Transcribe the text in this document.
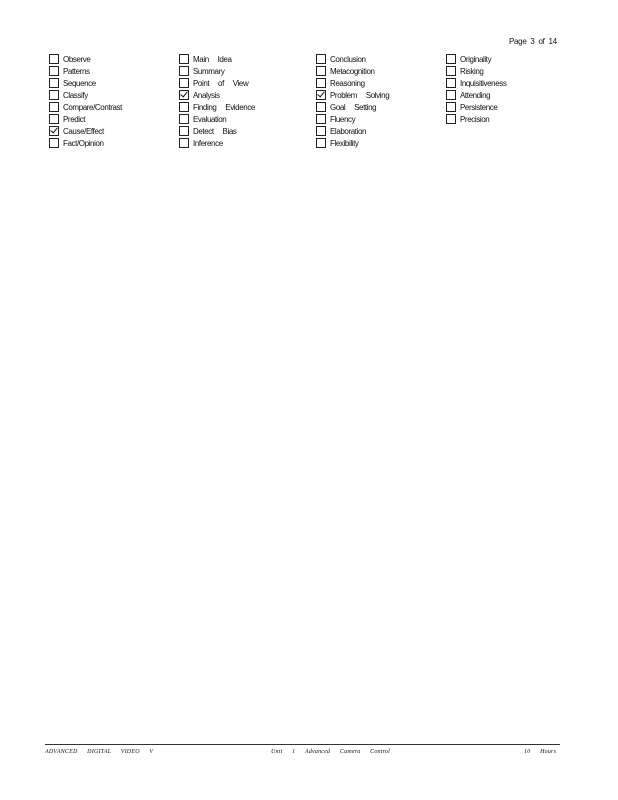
Page 3 of 14
Observe
Patterns
Sequence
Classify
Compare/Contrast
Predict
Cause/Effect
Fact/Opinion
Main Idea
Summary
Point of View
Analysis
Finding Evidence
Evaluation
Detect Bias
Inference
Conclusion
Metacognition
Reasoning
Problem Solving
Goal Setting
Fluency
Elaboration
Flexibility
Originality
Risking
Inquisitiveness
Attending
Persistence
Precision
ADVANCED DIGITAL VIDEO V	Unit 1 Advanced Camera Control	10 Hours
